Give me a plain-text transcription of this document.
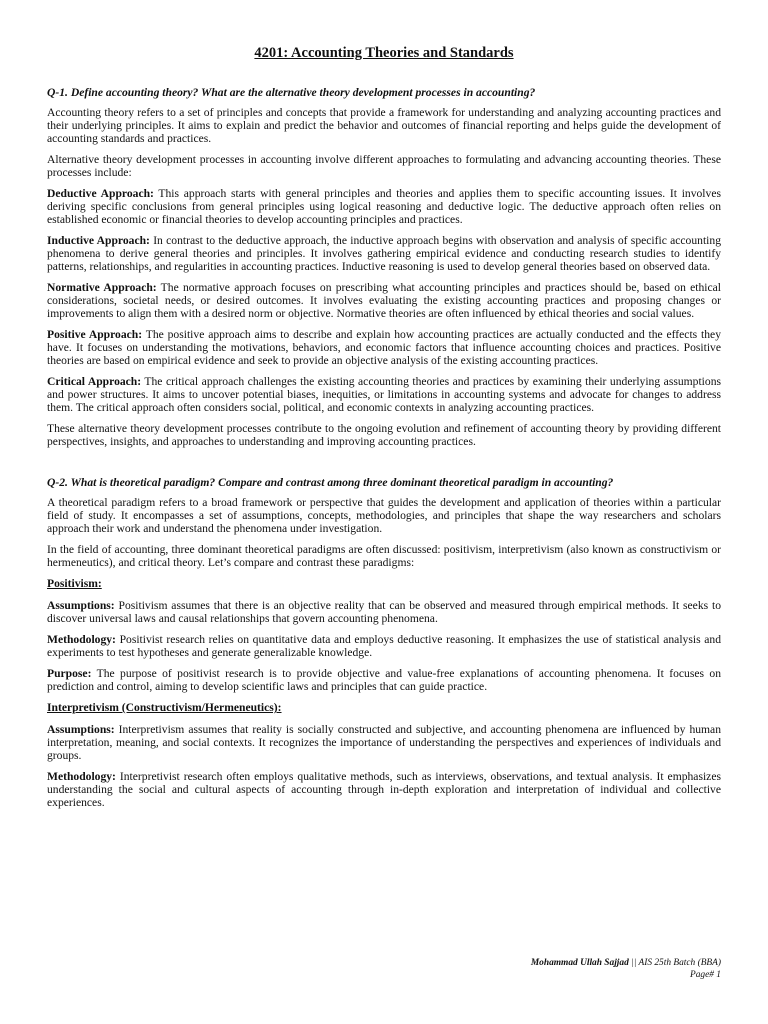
4201: Accounting Theories and Standards
Q-1. Define accounting theory? What are the alternative theory development processes in accounting?

Accounting theory refers to a set of principles and concepts that provide a framework for understanding and analyzing accounting practices and their underlying principles. It aims to explain and predict the behavior and outcomes of financial reporting and helps guide the development of accounting standards and practices.

Alternative theory development processes in accounting involve different approaches to formulating and advancing accounting theories. These processes include:

Deductive Approach: This approach starts with general principles and theories and applies them to specific accounting issues. It involves deriving specific conclusions from general principles using logical reasoning and deductive logic. The deductive approach often relies on established economic or financial theories to develop accounting principles and practices.

Inductive Approach: In contrast to the deductive approach, the inductive approach begins with observation and analysis of specific accounting phenomena to derive general theories and principles. It involves gathering empirical evidence and conducting research studies to identify patterns, relationships, and regularities in accounting practices. Inductive reasoning is used to develop general theories based on observed data.

Normative Approach: The normative approach focuses on prescribing what accounting principles and practices should be, based on ethical considerations, societal needs, or desired outcomes. It involves evaluating the existing accounting practices and proposing changes or improvements to align them with a desired norm or objective. Normative theories are often influenced by ethical theories and social values.

Positive Approach: The positive approach aims to describe and explain how accounting practices are actually conducted and the effects they have. It focuses on understanding the motivations, behaviors, and economic factors that influence accounting choices and practices. Positive theories are based on empirical evidence and seek to provide an objective analysis of the existing accounting practices.

Critical Approach: The critical approach challenges the existing accounting theories and practices by examining their underlying assumptions and power structures. It aims to uncover potential biases, inequities, or limitations in accounting systems and advocate for changes to address them. The critical approach often considers social, political, and economic contexts in analyzing accounting practices.

These alternative theory development processes contribute to the ongoing evolution and refinement of accounting theory by providing different perspectives, insights, and approaches to understanding and improving accounting practices.

Q-2. What is theoretical paradigm? Compare and contrast among three dominant theoretical paradigm in accounting?

A theoretical paradigm refers to a broad framework or perspective that guides the development and application of theories within a particular field of study. It encompasses a set of assumptions, concepts, methodologies, and principles that shape the way researchers and scholars approach their work and understand the phenomena under investigation.

In the field of accounting, three dominant theoretical paradigms are often discussed: positivism, interpretivism (also known as constructivism or hermeneutics), and critical theory. Let’s compare and contrast these paradigms:

Positivism:

Assumptions: Positivism assumes that there is an objective reality that can be observed and measured through empirical methods. It seeks to discover universal laws and causal relationships that govern accounting phenomena.

Methodology: Positivist research relies on quantitative data and employs deductive reasoning. It emphasizes the use of statistical analysis and experiments to test hypotheses and generate generalizable knowledge.

Purpose: The purpose of positivist research is to provide objective and value-free explanations of accounting phenomena. It focuses on prediction and control, aiming to develop scientific laws and principles that can guide practice.

Interpretivism (Constructivism/Hermeneutics):

Assumptions: Interpretivism assumes that reality is socially constructed and subjective, and accounting phenomena are influenced by human interpretation, meaning, and social contexts. It recognizes the importance of understanding the perspectives and experiences of individuals and groups.

Methodology: Interpretivist research often employs qualitative methods, such as interviews, observations, and textual analysis. It emphasizes understanding the social and cultural aspects of accounting through in-depth exploration and interpretation of individual and collective experiences.

Mohammad Ullah Sajjad || AIS 25th Batch (BBA)
Page# 1
